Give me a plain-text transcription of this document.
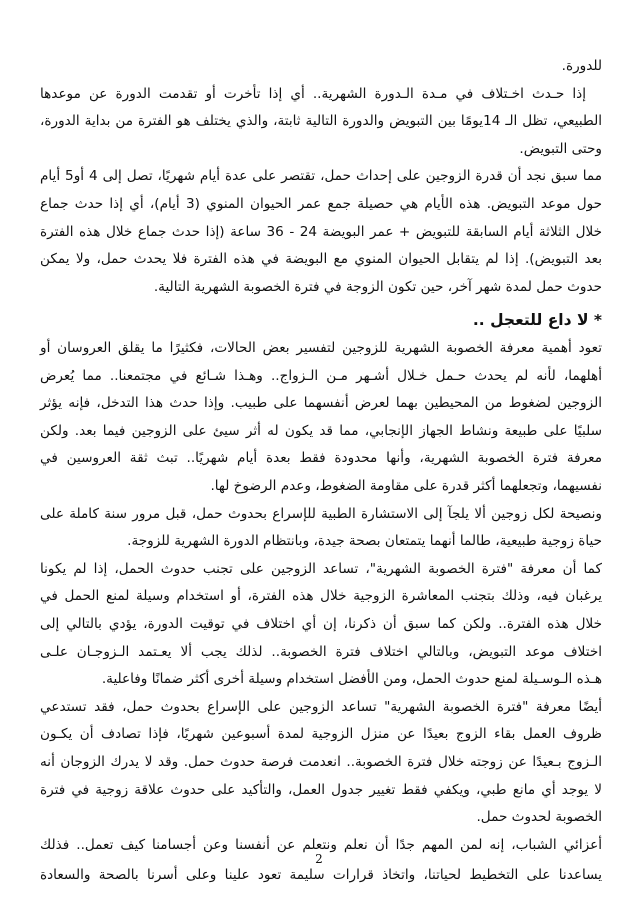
للدورة.
إذا حـدث اخـتلاف في مـدة الـدورة الشهرية.. أي إذا تأخرت أو تقدمت الدورة عن موعدها
الطبيعي، تظل الـ 14يومًا بين التبويض والدورة التالية ثابتة، والذي يختلف هو الفترة من بداية الدورة،
وحتى التبويض.
مما سبق نجد أن قدرة الزوجين على إحداث حمل، تقتصر على عدة أيام شهريًا، تصل إلى 4 أو5 أيام
حول موعد التبويض. هذه الأيام هي حصيلة جمع عمر الحيوان المنوي (3 أيام)، أي إذا حدث جماع
خلال الثلاثة أيام السابقة للتبويض + عمر البويضة 24 - 36 ساعة (إذا حدث جماع خلال هذه الفترة
بعد التبويض). إذا لم يتقابل الحيوان المنوي مع البويضة في هذه الفترة فلا يحدث حمل، ولا يمكن
حدوث حمل لمدة شهر آخر، حين تكون الزوجة في فترة الخصوبة الشهرية التالية.
* لا داع للتعجل ..
تعود أهمية معرفة الخصوبة الشهرية للزوجين لتفسير بعض الحالات، فكثيرًا ما يقلق العروسان أو
أهلهما، لأنه لم يحدث حـمل خـلال أشـهر مـن الـزواج.. وهـذا شـائع في مجتمعنا.. مما يُعرض
الزوجين لضغوط من المحيطين بهما لعرض أنفسهما على طبيب. وإذا حدث هذا التدخل، فإنه يؤثر
سلبيًا على طبيعة ونشاط الجهاز الإنجابي، مما قد يكون له أثر سيئ على الزوجين فيما بعد. ولكن
معرفة فترة الخصوبة الشهرية، وأنها محدودة فقط بعدة أيام شهريًا.. تبث ثقة العروسين في
نفسيهما، وتجعلهما أكثر قدرة على مقاومة الضغوط، وعدم الرضوخ لها.
ونصيحة لكل زوجين ألا يلجآ إلى الاستشارة الطبية للإسراع بحدوث حمل، قبل مرور سنة كاملة على
حياة زوجية طبيعية، طالما أنهما يتمتعان بصحة جيدة، وبانتظام الدورة الشهرية للزوجة.
كما أن معرفة "فترة الخصوبة الشهرية"، تساعد الزوجين على تجنب حدوث الحمل، إذا لم يكونا
يرغبان فيه، وذلك بتجنب المعاشرة الزوجية خلال هذه الفترة، أو استخدام وسيلة لمنع الحمل في
خلال هذه الفترة.. ولكن كما سبق أن ذكرنا، إن أي اختلاف في توقيت الدورة، يؤدي بالتالي إلى
اختلاف موعد التبويض، وبالتالي اختلاف فترة الخصوبة.. لذلك يجب ألا يعـتمد الـزوجـان علـى
هـذه الـوسـيلة لمنع حدوث الحمل، ومن الأفضل استخدام وسيلة أخرى أكثر ضمانًا وفاعلية.
أيضًا معرفة "فترة الخصوبة الشهرية" تساعد الزوجين على الإسراع بحدوث حمل، فقد تستدعي
ظروف العمل بقاء الزوج بعيدًا عن منزل الزوجية لمدة أسبوعين شهريًا، فإذا تصادف أن يكـون
الـزوج بـعيدًا عن زوجته خلال فترة الخصوبة.. انعدمت فرصة حدوث حمل. وقد لا يدرك الزوجان أنه
لا يوجد أي مانع طبي، ويكفي فقط تغيير جدول العمل، والتأكيد على حدوث علاقة زوجية في فترة
الخصوبة لحدوث حمل.
أعزائي الشباب، إنه لمن المهم جدًا أن نعلم ونتعلم عن أنفسنا وعن أجسامنا كيف تعمل.. فذلك
يساعدنا على التخطيط لحياتنا، واتخاذ قرارات سليمة تعود علينا وعلى أسرنا بالصحة والسعادة
2
